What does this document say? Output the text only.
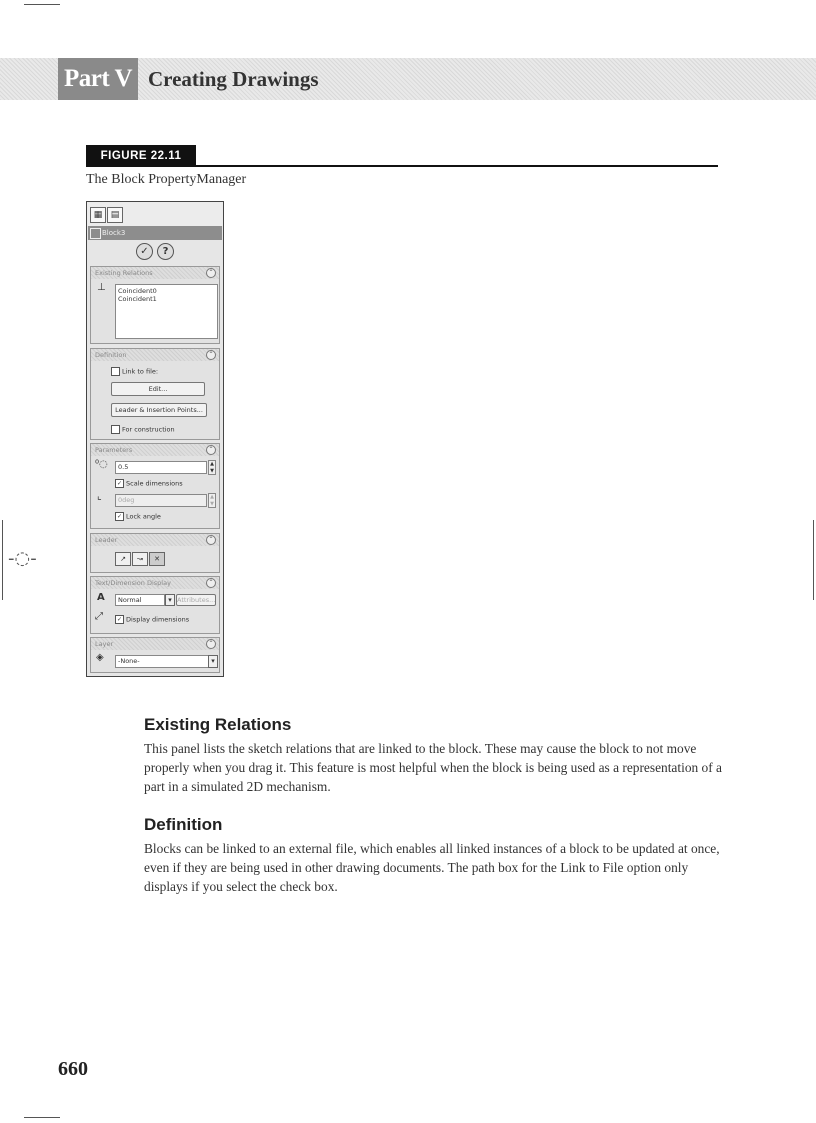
-◌-
Part V Creating Drawings
FIGURE 22.11
The Block PropertyManager
▦ ▤
Block3
✓ ?
Existing Relations	⌃
⊥ Coincident0
Coincident1
Definition	⌃
Link to file:
Edit...
Leader & Insertion Points...
For construction
Parameters	⌃
⁰◌	0.5	▲
▼
✓ Scale dimensions
⌞	0deg	▲
▼
✓ Lock angle
Leader	⌃
↗	↝	✕
Text/Dimension Display	⌃
A	Normal	▾ Attributes...
⤢	✓ Display dimensions
Layer	⌃
◈	-None-	▾
Existing Relations
This panel lists the sketch relations that are linked to the block. These may cause the block to not move properly when you drag it. This feature is most helpful when the block is being used as a representation of a part in a simulated 2D mechanism.
Definition
Blocks can be linked to an external file, which enables all linked instances of a block to be updated at once, even if they are being used in other drawing documents. The path box for the Link to File option only displays if you select the check box.
660
